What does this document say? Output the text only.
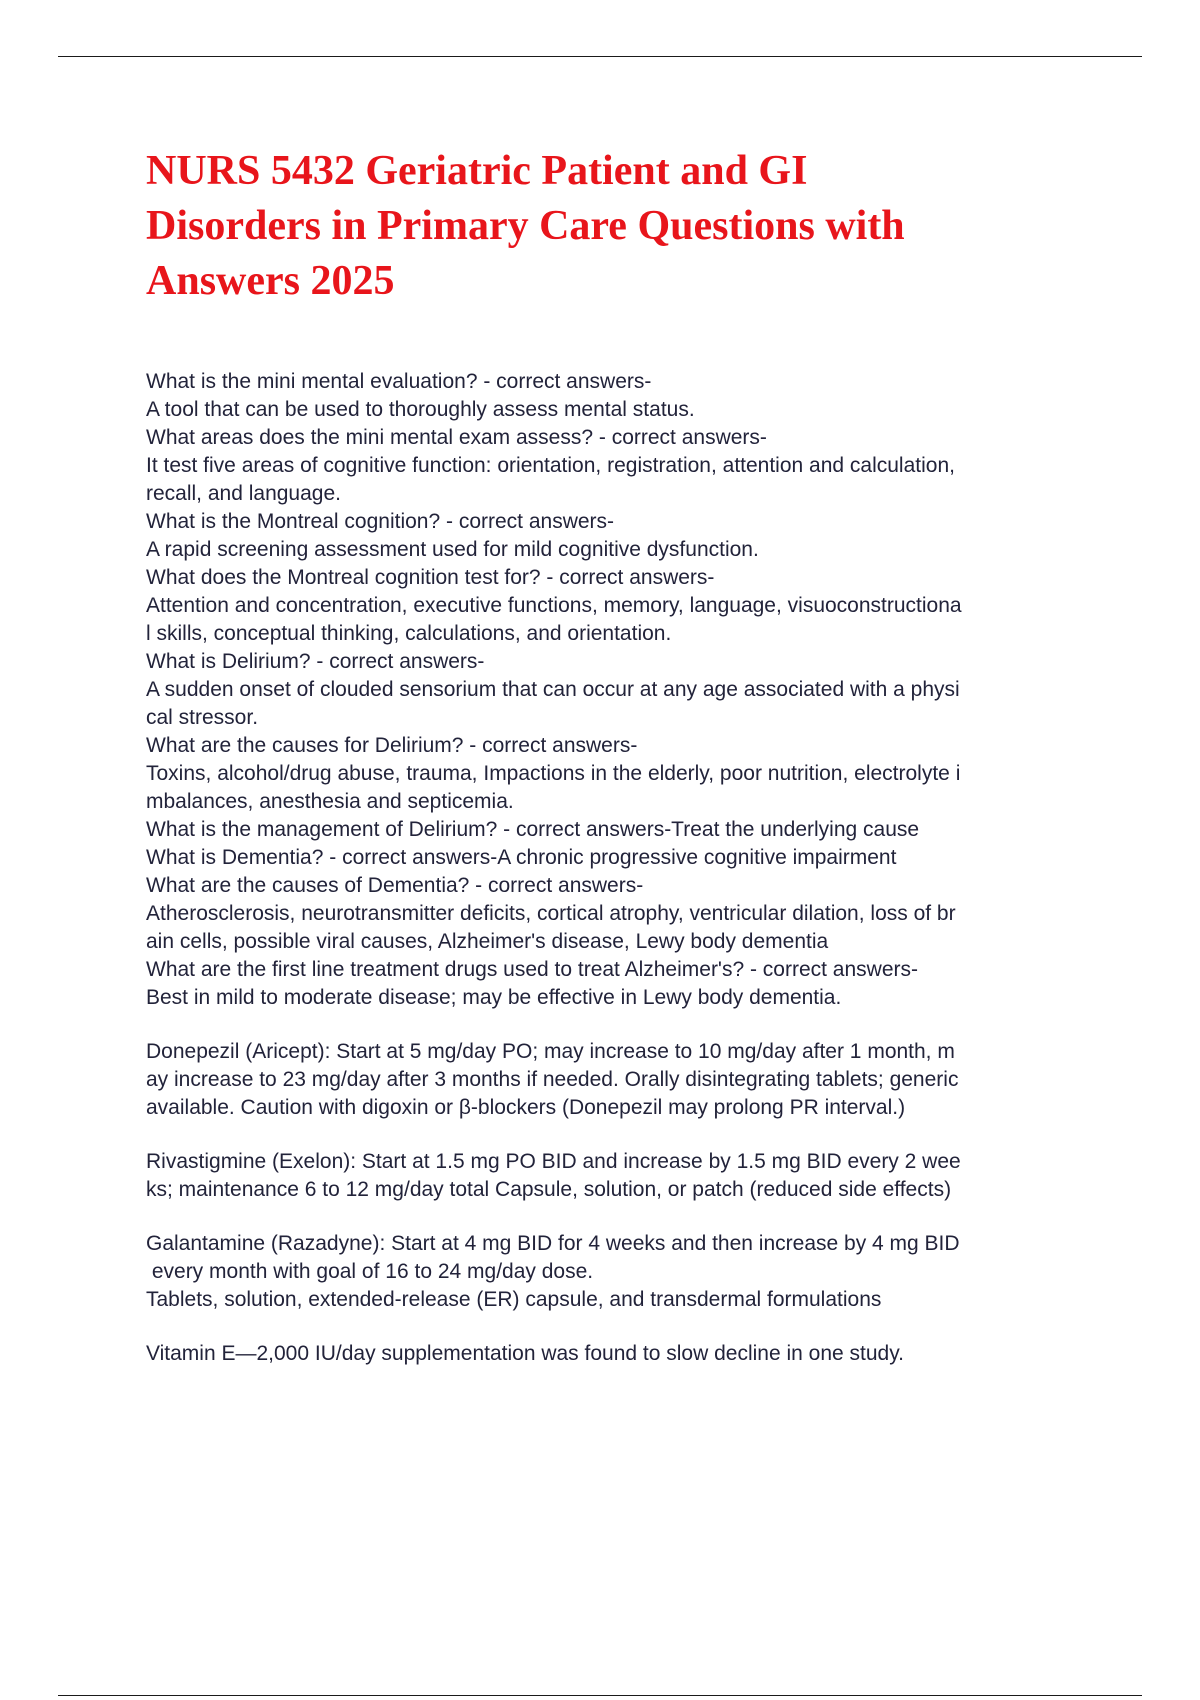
NURS 5432 Geriatric Patient and GI
Disorders in Primary Care Questions with
Answers 2025
What is the mini mental evaluation? - correct answers-
A tool that can be used to thoroughly assess mental status.
What areas does the mini mental exam assess? - correct answers-
It test five areas of cognitive function: orientation, registration, attention and calculation,
recall, and language.
What is the Montreal cognition? - correct answers-
A rapid screening assessment used for mild cognitive dysfunction.
What does the Montreal cognition test for? - correct answers-
Attention and concentration, executive functions, memory, language, visuoconstructiona
l skills, conceptual thinking, calculations, and orientation.
What is Delirium? - correct answers-
A sudden onset of clouded sensorium that can occur at any age associated with a physi
cal stressor.
What are the causes for Delirium? - correct answers-
Toxins, alcohol/drug abuse, trauma, Impactions in the elderly, poor nutrition, electrolyte i
mbalances, anesthesia and septicemia.
What is the management of Delirium? - correct answers-Treat the underlying cause
What is Dementia? - correct answers-A chronic progressive cognitive impairment
What are the causes of Dementia? - correct answers-
Atherosclerosis, neurotransmitter deficits, cortical atrophy, ventricular dilation, loss of br
ain cells, possible viral causes, Alzheimer's disease, Lewy body dementia
What are the first line treatment drugs used to treat Alzheimer's? - correct answers-
Best in mild to moderate disease; may be effective in Lewy body dementia.
Donepezil (Aricept): Start at 5 mg/day PO; may increase to 10 mg/day after 1 month, m
ay increase to 23 mg/day after 3 months if needed. Orally disintegrating tablets; generic
available. Caution with digoxin or β-blockers (Donepezil may prolong PR interval.)
Rivastigmine (Exelon): Start at 1.5 mg PO BID and increase by 1.5 mg BID every 2 wee
ks; maintenance 6 to 12 mg/day total Capsule, solution, or patch (reduced side effects)
Galantamine (Razadyne): Start at 4 mg BID for 4 weeks and then increase by 4 mg BID
every month with goal of 16 to 24 mg/day dose.
Tablets, solution, extended-release (ER) capsule, and transdermal formulations
Vitamin E—2,000 IU/day supplementation was found to slow decline in one study.
